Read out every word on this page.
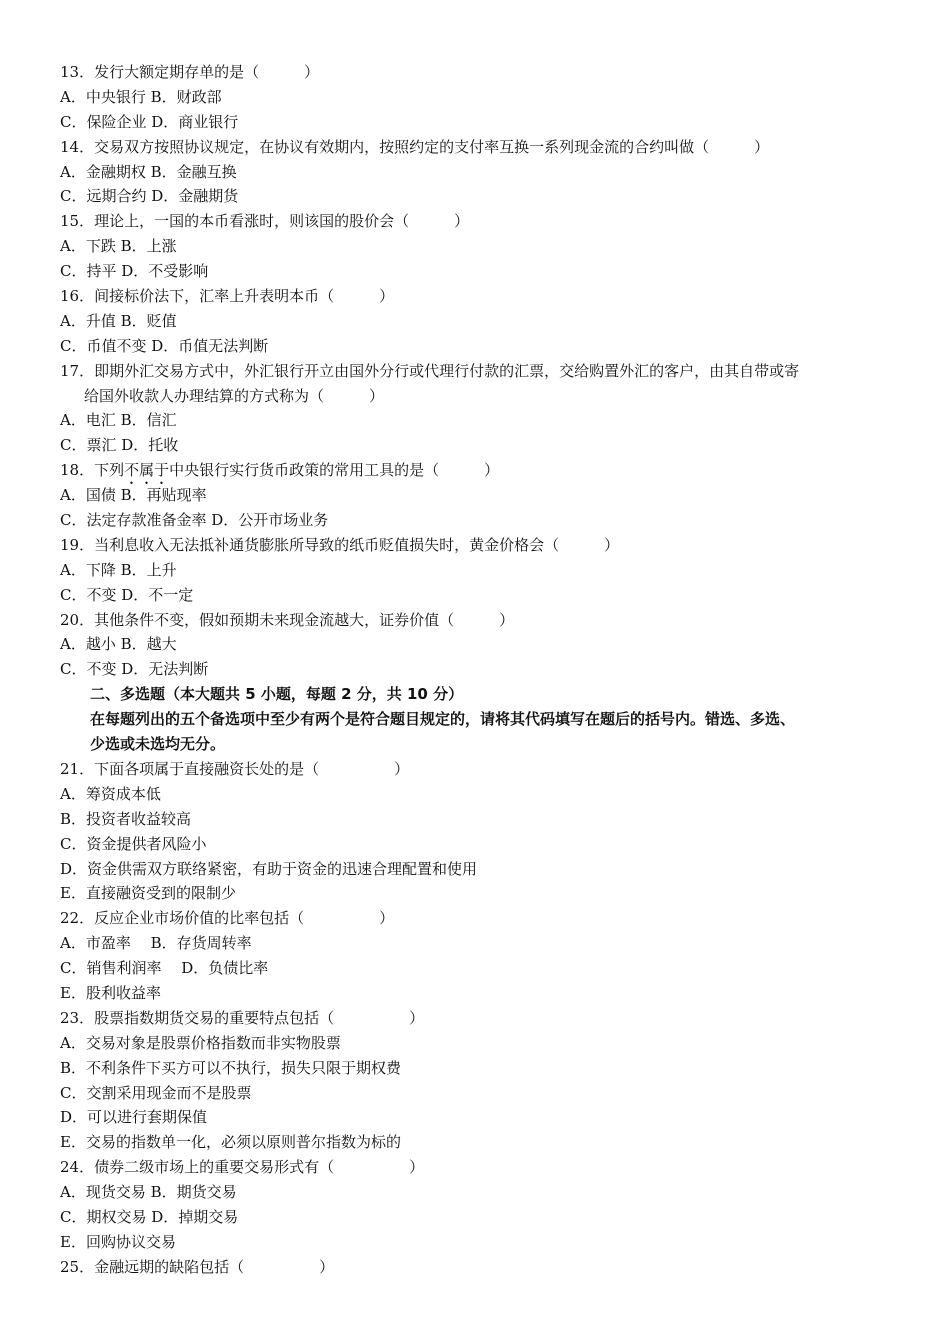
13．发行大额定期存单的是（　　　）
A．中央银行 B．财政部
C．保险企业 D．商业银行
14．交易双方按照协议规定，在协议有效期内，按照约定的支付率互换一系列现金流的合约叫做（　　　）
A．金融期权 B．金融互换
C．远期合约 D．金融期货
15．理论上，一国的本币看涨时，则该国的股价会（　　　）
A．下跌 B．上涨
C．持平 D．不受影响
16．间接标价法下，汇率上升表明本币（　　　）
A．升值 B．贬值
C．币值不变 D．币值无法判断
17．即期外汇交易方式中，外汇银行开立由国外分行或代理行付款的汇票，交给购置外汇的客户，由其自带或寄
给国外收款人办理结算的方式称为（　　　）
A．电汇 B．信汇
C．票汇 D．托收
18．下列不属于中央银行实行货币政策的常用工具的是（　　　）
A．国债 B．再贴现率
C．法定存款准备金率 D．公开市场业务
19．当利息收入无法抵补通货膨胀所导致的纸币贬值损失时，黄金价格会（　　　）
A．下降 B．上升
C．不变 D．不一定
20．其他条件不变，假如预期未来现金流越大，证券价值（　　　）
A．越小 B．越大
C．不变 D．无法判断
二、多选题（本大题共 5 小题，每题 2 分，共 10 分）
在每题列出的五个备选项中至少有两个是符合题目规定的，请将其代码填写在题后的括号内。错选、多选、
少选或未选均无分。
21．下面各项属于直接融资长处的是（　　　　　）
A．筹资成本低
B．投资者收益较高
C．资金提供者风险小
D．资金供需双方联络紧密，有助于资金的迅速合理配置和使用
E．直接融资受到的限制少
22．反应企业市场价值的比率包括（　　　　　）
A．市盈率　 B．存货周转率
C．销售利润率　 D．负债比率
E．股利收益率
23．股票指数期货交易的重要特点包括（　　　　　）
A．交易对象是股票价格指数而非实物股票
B．不利条件下买方可以不执行，损失只限于期权费
C．交割采用现金而不是股票
D．可以进行套期保值
E．交易的指数单一化，必须以原则普尔指数为标的
24．债券二级市场上的重要交易形式有（　　　　　）
A．现货交易 B．期货交易
C．期权交易 D．掉期交易
E．回购协议交易
25．金融远期的缺陷包括（　　　　　）
